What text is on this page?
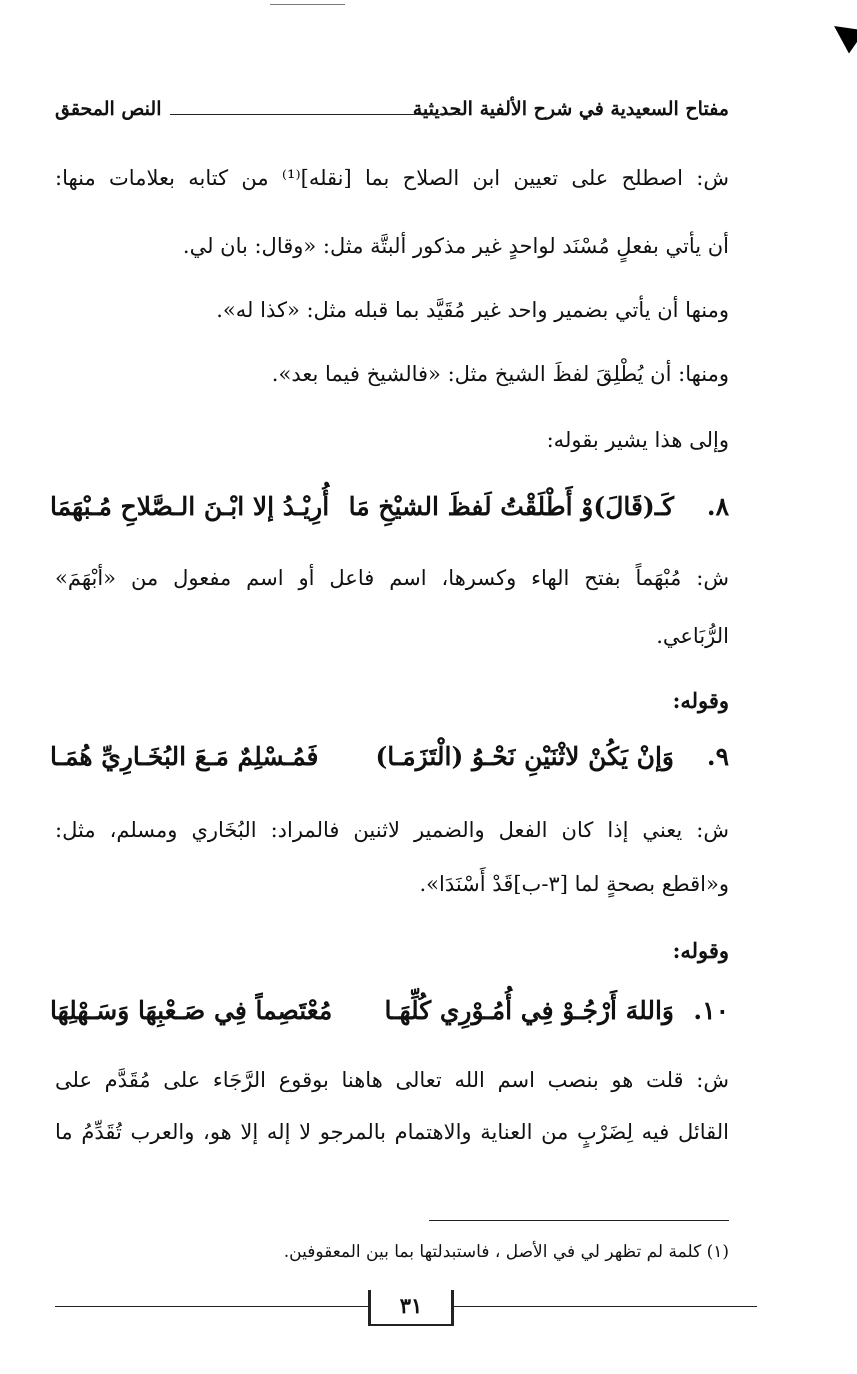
مفتاح السعيدية في شرح الألفية الحديثية
النص المحقق
ش: اصطلح على تعيين ابن الصلاح بما [نقله]⁽¹⁾ من كتابه بعلامات منها:
أن يأتي بفعلٍ مُسْنَد لواحدٍ غير مذكور ألبتَّة مثل: «وقال: بان لي.
ومنها أن يأتي بضمير واحد غير مُقَيَّد بما قبله مثل: «كذا له».
ومنها: أن يُطْلِقَ لفظَ الشيخ مثل: «فالشيخ فيما بعد».
وإلى هذا يشير بقوله:
٨.
كَـ(قَالَ)وْ أَطْلَقْتُ لَفظَ الشيْخِ مَا
أُرِيْـدُ إلا ابْـنَ الـصَّلاحِ مُـبْهَمَا
ش: مُبْهَماً بفتح الهاء وكسرها، اسم فاعل أو اسم مفعول من «أبْهَمَ»
الرُّبَاعي.
وقوله:
٩.
وَإنْ يَكُنْ لاثْنَيْنِ نَحْـوُ (الْتَزَمَـا)
فَمُـسْلِمٌ مَـعَ البُخَـارِيِّ هُمَـا
ش: يعني إذا كان الفعل والضمير لاثنين فالمراد: البُخَاري ومسلم، مثل:
و«اقطع بصحةٍ لما [٣-ب]قَدْ أَسْنَدَا».
وقوله:
١٠.
وَاللهَ أَرْجُـوْ فِي أُمُـوْرِي كُلِّهَـا
مُعْتَصِماً فِي صَـعْبِهَا وَسَـهْلِهَا
ش: قلت هو بنصب اسم الله تعالى هاهنا بوقوع الرَّجَاء على مُقَدَّم على
القائل فيه لِضَرْبٍ من العناية والاهتمام بالمرجو لا إله إلا هو، والعرب تُقَدِّمُ ما
(١) كلمة لم تظهر لي في الأصل ، فاستبدلتها بما بين المعقوفين.
٣١
